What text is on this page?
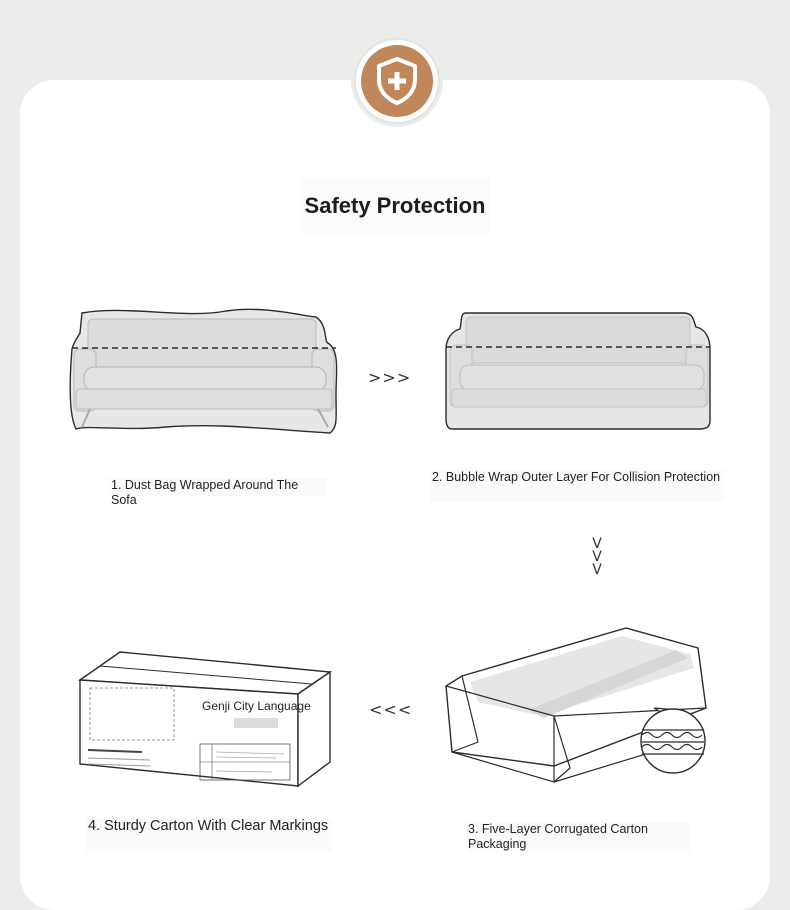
Safety Protection
>>>
1. Dust Bag Wrapped Around The Sofa
2. Bubble Wrap Outer Layer For Collision Protection
V
V
V
Genji City Language	<<<
4. Sturdy Carton With Clear Markings	3. Five-Layer Corrugated Carton Packaging
